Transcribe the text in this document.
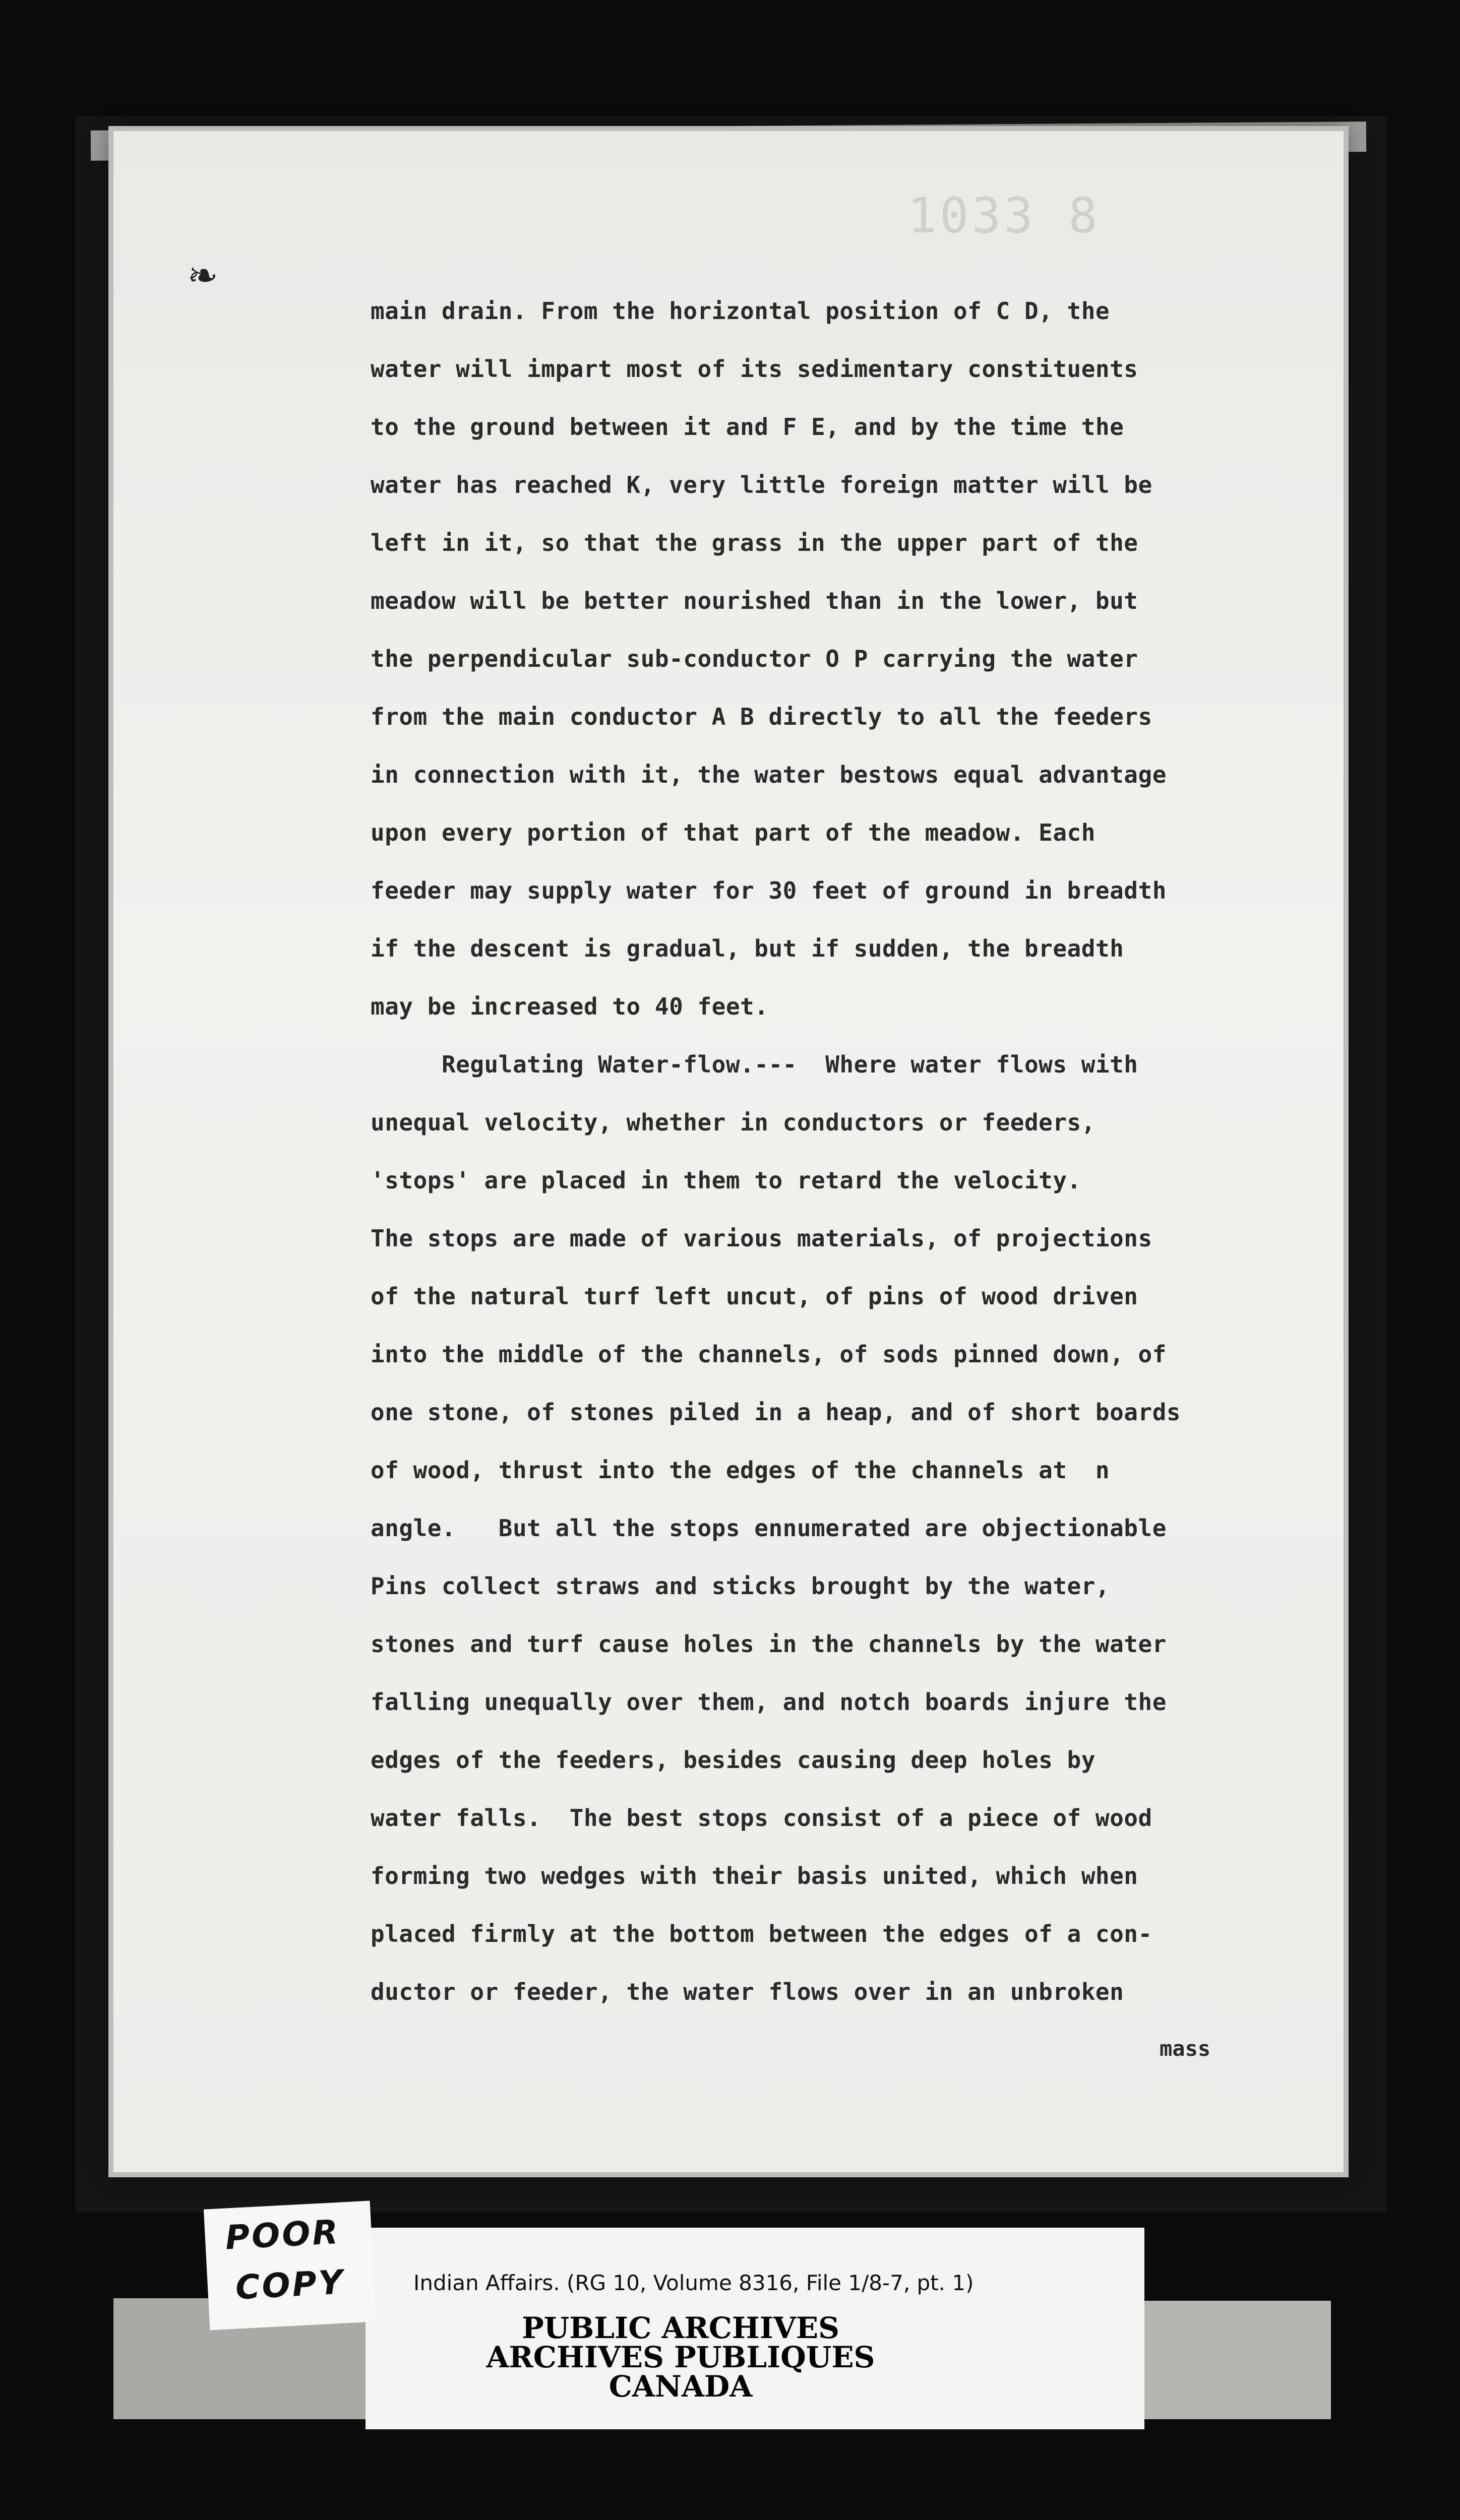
1033 8
❧
main drain. From the horizontal position of C D, the
water will impart most of its sedimentary constituents
to the ground between it and F E, and by the time the
water has reached K, very little foreign matter will be
left in it, so that the grass in the upper part of the
meadow will be better nourished than in the lower, but
the perpendicular sub-conductor O P carrying the water
from the main conductor A B directly to all the feeders
in connection with it, the water bestows equal advantage
upon every portion of that part of the meadow. Each
feeder may supply water for 30 feet of ground in breadth
if the descent is gradual, but if sudden, the breadth
may be increased to 40 feet.
Regulating Water-flow.---  Where water flows with
unequal velocity, whether in conductors or feeders,
'stops' are placed in them to retard the velocity.
The stops are made of various materials, of projections
of the natural turf left uncut, of pins of wood driven
into the middle of the channels, of sods pinned down, of
one stone, of stones piled in a heap, and of short boards
of wood, thrust into the edges of the channels at  n
angle.   But all the stops ennumerated are objectionable
Pins collect straws and sticks brought by the water,
stones and turf cause holes in the channels by the water
falling unequally over them, and notch boards injure the
edges of the feeders, besides causing deep holes by
water falls.  The best stops consist of a piece of wood
forming two wedges with their basis united, which when
placed firmly at the bottom between the edges of a con-
ductor or feeder, the water flows over in an unbroken
mass
Indian Affairs. (RG 10, Volume 8316, File 1/8-7, pt. 1)
PUBLIC ARCHIVES
ARCHIVES PUBLIQUES
CANADA
POOR
COPY
